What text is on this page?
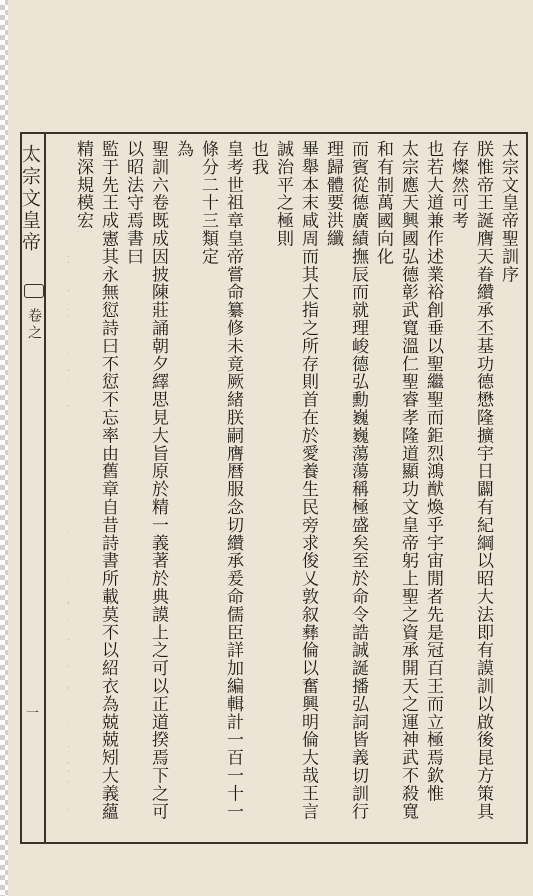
太宗文皇帝
卷之
一
太宗文皇帝聖訓序
朕惟帝王誕膺天眷纘承丕基功德懋隆擴宇日闢有紀綱以昭大法即有謨訓以啟後昆方策具存燦然可考
也若大道兼作述業裕創垂以聖繼聖而鉅烈鴻猷煥乎宇宙閒者先是冠百王而立極焉欽惟
太宗應天興國弘德彰武寬溫仁聖睿孝隆道顯功文皇帝躬上聖之資承開天之運神武不殺寬和有制萬國向化
而賓從德廣績撫辰而就理峻德弘勳巍巍蕩蕩稱極盛矣至於命令誥誠誕播弘詞皆義切訓行理歸體要洪纖
畢舉本末咸周而其大指之所存則首在於愛養生民旁求俊乂敦叙彝倫以奮興明倫大哉王言誠治平之極則
也我
皇考世祖章皇帝嘗命纂修未竟厥緒朕嗣膺曆服念切纘承爰命儒臣詳加編輯計一百一十一條分二十三類定
為
聖訓六卷既成因披陳莊誦朝夕繹思見大旨原於精一義著於典謨上之可以正道揆焉下之可以昭法守焉書曰
監于先王成憲其永無愆詩曰不愆不忘率由舊章自昔詩書所載莫不以紹衣為兢兢矧大義蘊精深規模宏
